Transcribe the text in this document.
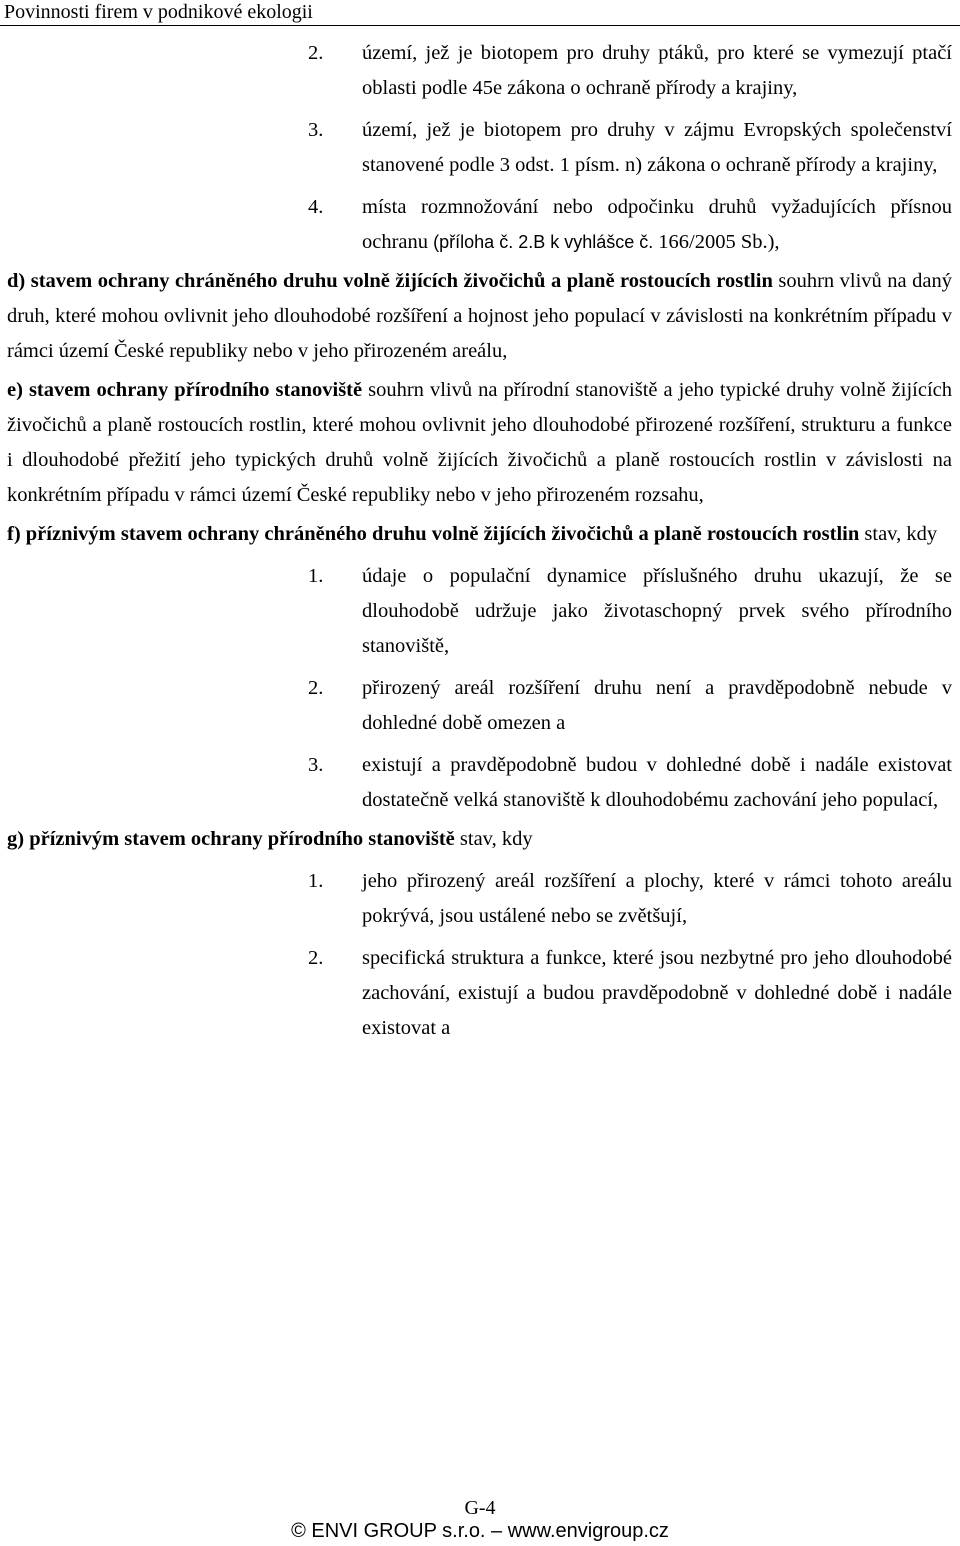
Povinnosti firem v podnikové ekologii
2. území, jež je biotopem pro druhy ptáků, pro které se vymezují ptačí oblasti podle 45e zákona o ochraně přírody a krajiny,

3. území, jež je biotopem pro druhy v zájmu Evropských společenství stanovené podle 3 odst. 1 písm. n) zákona o ochraně přírody a krajiny,

4. místa rozmnožování nebo odpočinku druhů vyžadujících přísnou ochranu (příloha č. 2.B k vyhlášce č. 166/2005 Sb.),

d) stavem ochrany chráněného druhu volně žijících živočichů a planě rostoucích rostlin souhrn vlivů na daný druh, které mohou ovlivnit jeho dlouhodobé rozšíření a hojnost jeho populací v závislosti na konkrétním případu v rámci území České republiky nebo v jeho přirozeném areálu,

e) stavem ochrany přírodního stanoviště souhrn vlivů na přírodní stanoviště a jeho typické druhy volně žijících živočichů a planě rostoucích rostlin, které mohou ovlivnit jeho dlouhodobé přirozené rozšíření, strukturu a funkce i dlouhodobé přežití jeho typických druhů volně žijících živočichů a planě rostoucích rostlin v závislosti na konkrétním případu v rámci území České republiky nebo v jeho přirozeném rozsahu,

f) příznivým stavem ochrany chráněného druhu volně žijících živočichů a planě rostoucích rostlin stav, kdy

1. údaje o populační dynamice příslušného druhu ukazují, že se dlouhodobě udržuje jako životaschopný prvek svého přírodního stanoviště,

2. přirozený areál rozšíření druhu není a pravděpodobně nebude v dohledné době omezen a

3. existují a pravděpodobně budou v dohledné době i nadále existovat dostatečně velká stanoviště k dlouhodobému zachování jeho populací,

g) příznivým stavem ochrany přírodního stanoviště stav, kdy

1. jeho přirozený areál rozšíření a plochy, které v rámci tohoto areálu pokrývá, jsou ustálené nebo se zvětšují,

2. specifická struktura a funkce, které jsou nezbytné pro jeho dlouhodobé zachování, existují a budou pravděpodobně v dohledné době i nadále existovat a

G-4
© ENVI GROUP s.r.o. – www.envigroup.cz
